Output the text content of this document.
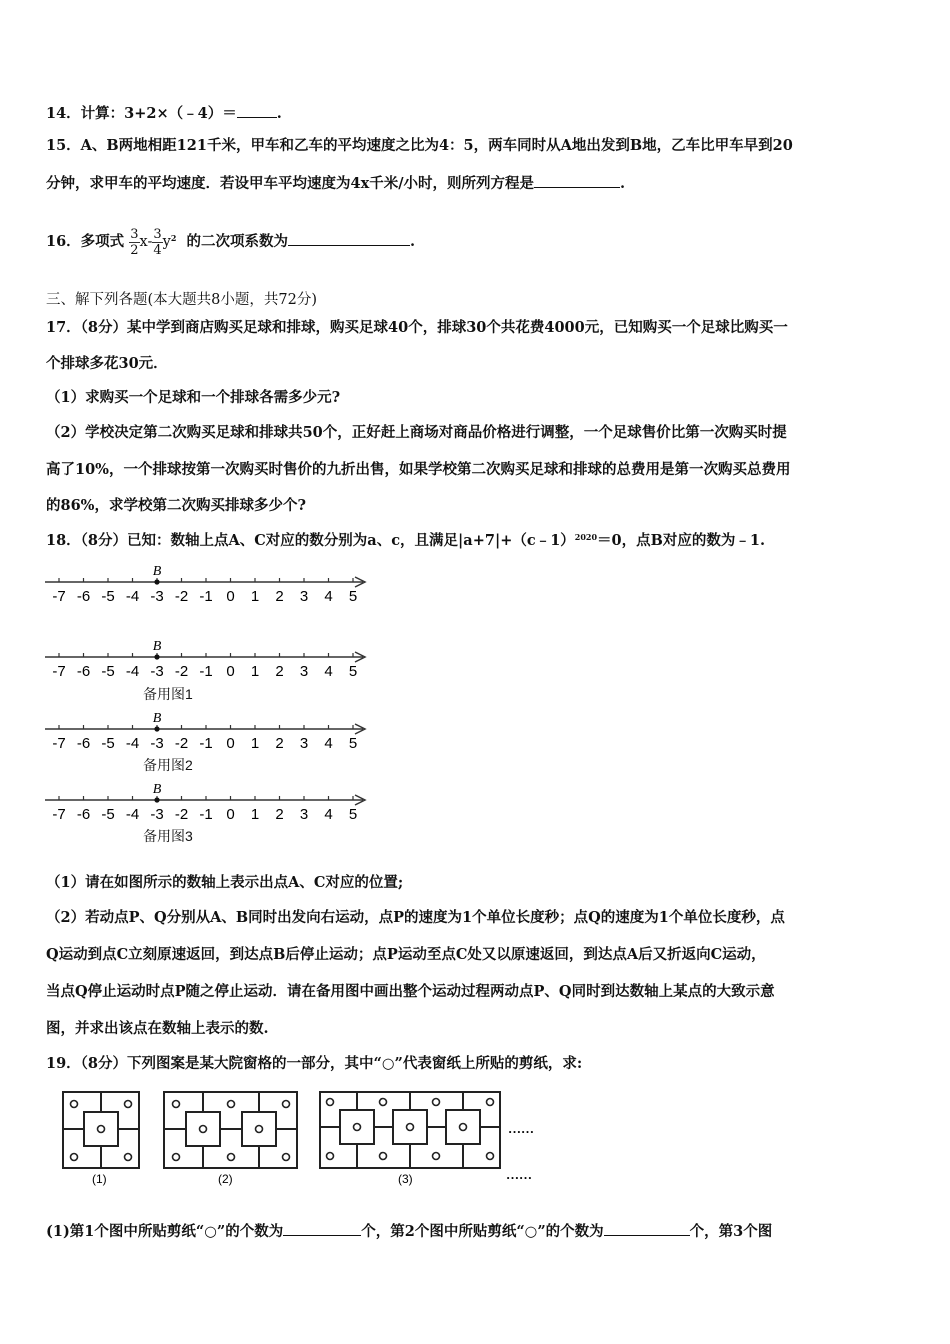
14．计算：3+2×（﹣4）＝	.
15．A、B两地相距121千米，甲车和乙车的平均速度之比为4：5，两车同时从A地出发到B地，乙车比甲车早到20
分钟，求甲车的平均速度．若设甲车平均速度为4x千米/小时，则所列方程是	.
16．多项式 $\frac{3}{2} x- \frac{3}{4} y^2$ 的二次项系数为	.
三、解下列各题(本大题共8小题，共72分)
17．（8分）某中学到商店购买足球和排球，购买足球40个，排球30个共花费4000元，已知购买一个足球比购买一
个排球多花30元．
（1）求购买一个足球和一个排球各需多少元?
（2）学校决定第二次购买足球和排球共50个，正好赶上商场对商品价格进行调整，一个足球售价比第一次购买时提
高了10%，一个排球按第一次购买时售价的九折出售，如果学校第二次购买足球和排球的总费用是第一次购买总费用
的86%，求学校第二次购买排球多少个?
18．（8分）已知：数轴上点A、C对应的数分别为a、c，且满足|a+7|+（c﹣1）$^{2020}$＝0，点B对应的数为﹣1.
-7 -6 -5 -4 -3
B
-2 -1 0 1 2 3 4 5
-7 -6 -5 -4 -3
B
-2 -1 0 1 2 3 4 5
备用图1
-7 -6 -5 -4 -3
B
-2 -1 0 1 2 3 4 5
备用图2
-7 -6 -5 -4 -3
B
-2 -1 0 1 2 3 4 5
备用图3
（1）请在如图所示的数轴上表示出点A、C对应的位置;
（2）若动点P、Q分别从A、B同时出发向右运动，点P的速度为1个单位长度秒；点Q的速度为1个单位长度秒，点
Q运动到点C立刻原速返回，到达点B后停止运动；点P运动至点C处又以原速返回，到达点A后又折返向C运动，
当点Q停止运动时点P随之停止运动．请在备用图中画出整个运动过程两动点P、Q同时到达数轴上某点的大致示意
图，并求出该点在数轴上表示的数.
19．（8分）下列图案是某大院窗格的一部分，其中“○”代表窗纸上所贴的剪纸，求:
……
……
(1)	(2)	(3)
(1)第1个图中所贴剪纸“○”的个数为	个，第2个图中所贴剪纸“○”的个数为	个，第3个图
